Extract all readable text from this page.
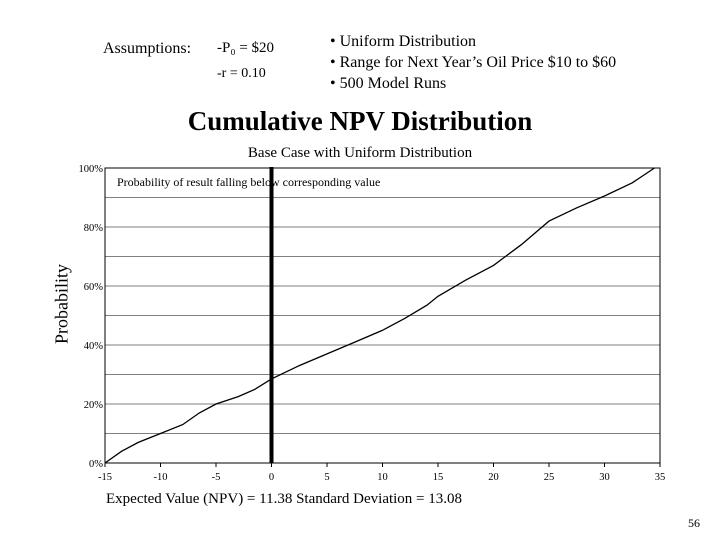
Assumptions: -P₀ = $20
-r = 0.10
• Uniform Distribution
• Range for Next Year’s Oil Price $10 to $60
• 500 Model Runs
Cumulative NPV Distribution
Base Case with Uniform Distribution
Probability
-15	-10	-5	0	5	10	15	20	25	30	35
0%
20%
40%
60%
80%
100%
Probability of result falling below corresponding value
Expected Value (NPV) = 11.38 Standard Deviation = 13.08
56
